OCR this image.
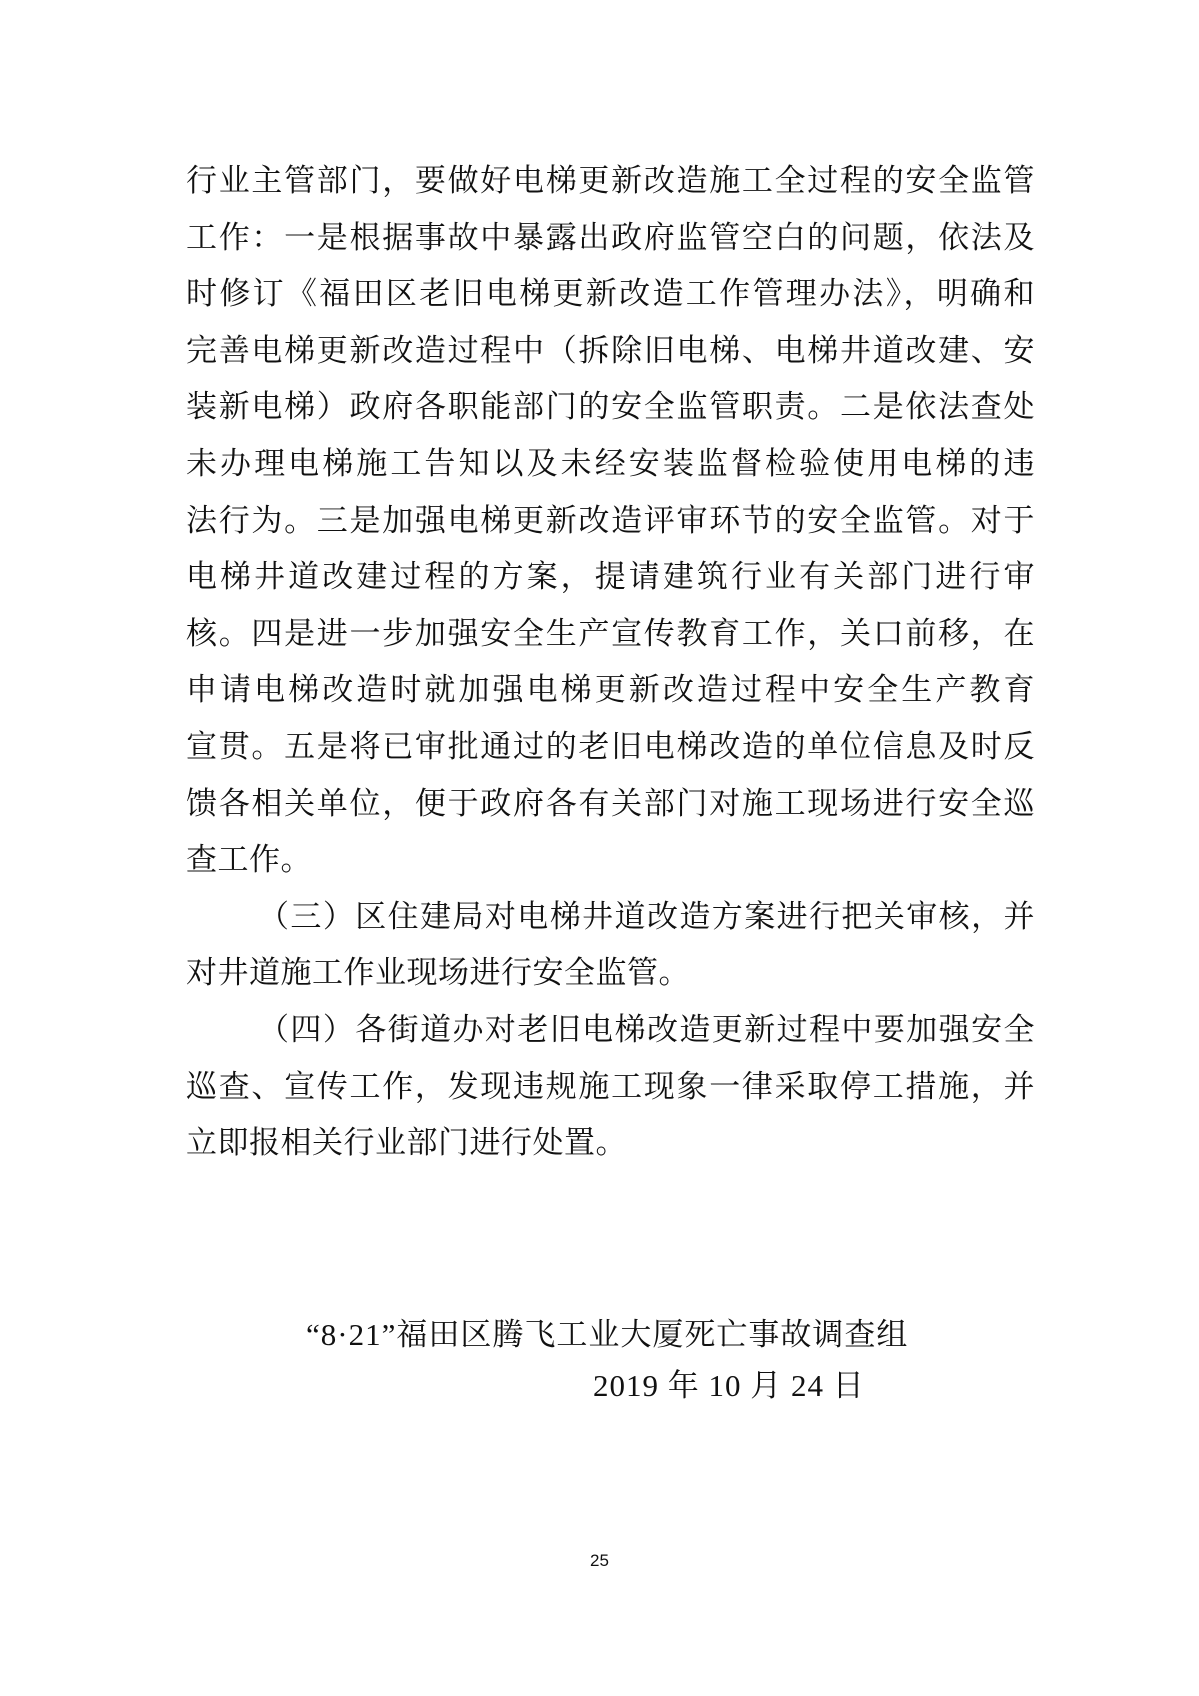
行业主管部门，要做好电梯更新改造施工全过程的安全监管
工作：一是根据事故中暴露出政府监管空白的问题，依法及
时修订《福田区老旧电梯更新改造工作管理办法》，明确和
完善电梯更新改造过程中（拆除旧电梯、电梯井道改建、安
装新电梯）政府各职能部门的安全监管职责。二是依法查处
未办理电梯施工告知以及未经安装监督检验使用电梯的违
法行为。三是加强电梯更新改造评审环节的安全监管。对于
电梯井道改建过程的方案，提请建筑行业有关部门进行审
核。四是进一步加强安全生产宣传教育工作，关口前移，在
申请电梯改造时就加强电梯更新改造过程中安全生产教育
宣贯。五是将已审批通过的老旧电梯改造的单位信息及时反
馈各相关单位，便于政府各有关部门对施工现场进行安全巡
查工作。
（三）区住建局对电梯井道改造方案进行把关审核，并
对井道施工作业现场进行安全监管。
（四）各街道办对老旧电梯改造更新过程中要加强安全
巡查、宣传工作，发现违规施工现象一律采取停工措施，并
立即报相关行业部门进行处置。
“8·21”福田区腾飞工业大厦死亡事故调查组
2019 年 10 月 24 日
25
